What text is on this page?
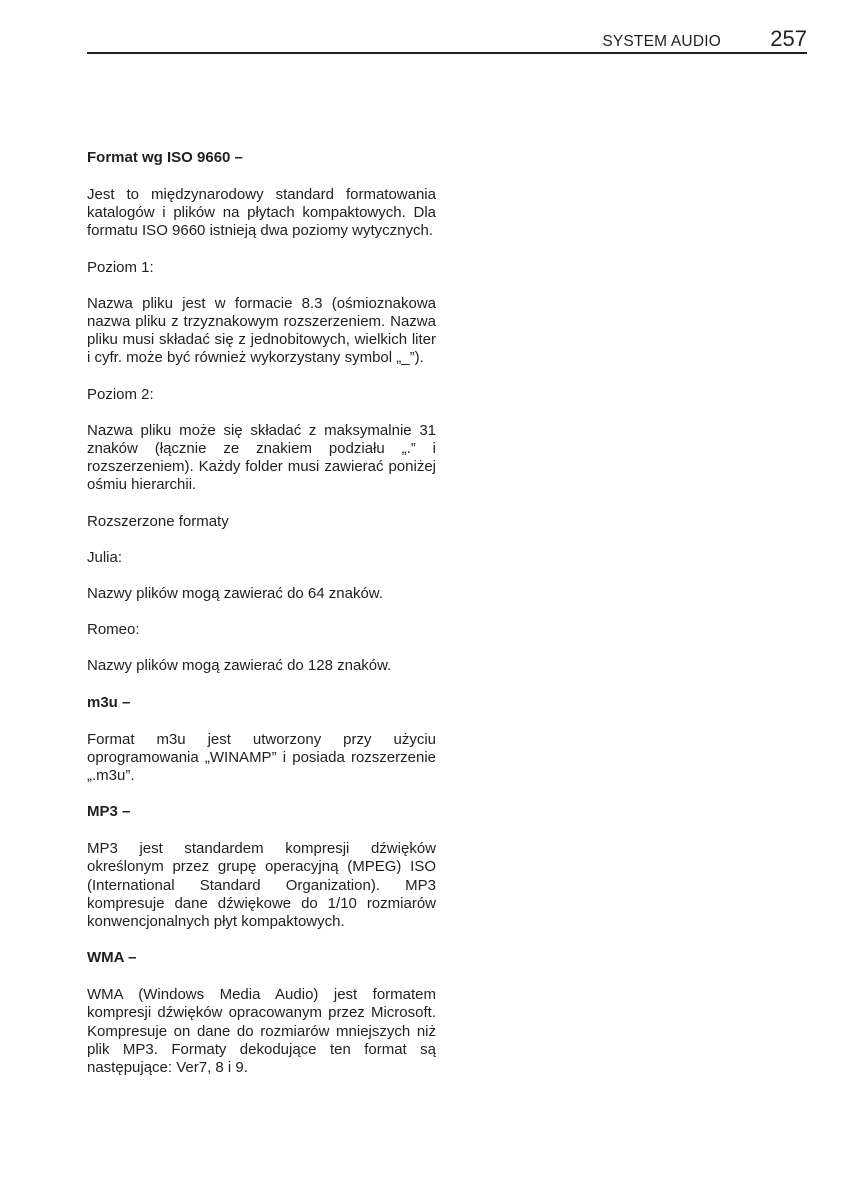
SYSTEM AUDIO 257

Format wg ISO 9660 –

Jest to międzynarodowy standard formatowania katalogów i plików na płytach kompaktowych. Dla formatu ISO 9660 istnieją dwa poziomy wytycznych.

Poziom 1:

Nazwa pliku jest w formacie 8.3 (ośmioznakowa nazwa pliku z trzyznakowym rozszerzeniem. Nazwa pliku musi składać się z jednobitowych, wielkich liter i cyfr. może być również wykorzystany symbol „_”).

Poziom 2:

Nazwa pliku może się składać z maksymalnie 31 znaków (łącznie ze znakiem podziału „.” i rozszerzeniem). Każdy folder musi zawierać poniżej ośmiu hierarchii.

Rozszerzone formaty

Julia:

Nazwy plików mogą zawierać do 64 znaków.

Romeo:

Nazwy plików mogą zawierać do 128 znaków.

m3u –

Format m3u jest utworzony przy użyciu oprogramowania „WINAMP” i posiada rozszerzenie „.m3u”.

MP3 –

MP3 jest standardem kompresji dźwięków określonym przez grupę operacyjną (MPEG) ISO (International Standard Organization). MP3 kompresuje dane dźwiękowe do 1/10 rozmiarów konwencjonalnych płyt kompaktowych.

WMA –

WMA (Windows Media Audio) jest formatem kompresji dźwięków opracowanym przez Microsoft. Kompresuje on dane do rozmiarów mniejszych niż plik MP3. Formaty dekodujące ten format są następujące: Ver7, 8 i 9.
